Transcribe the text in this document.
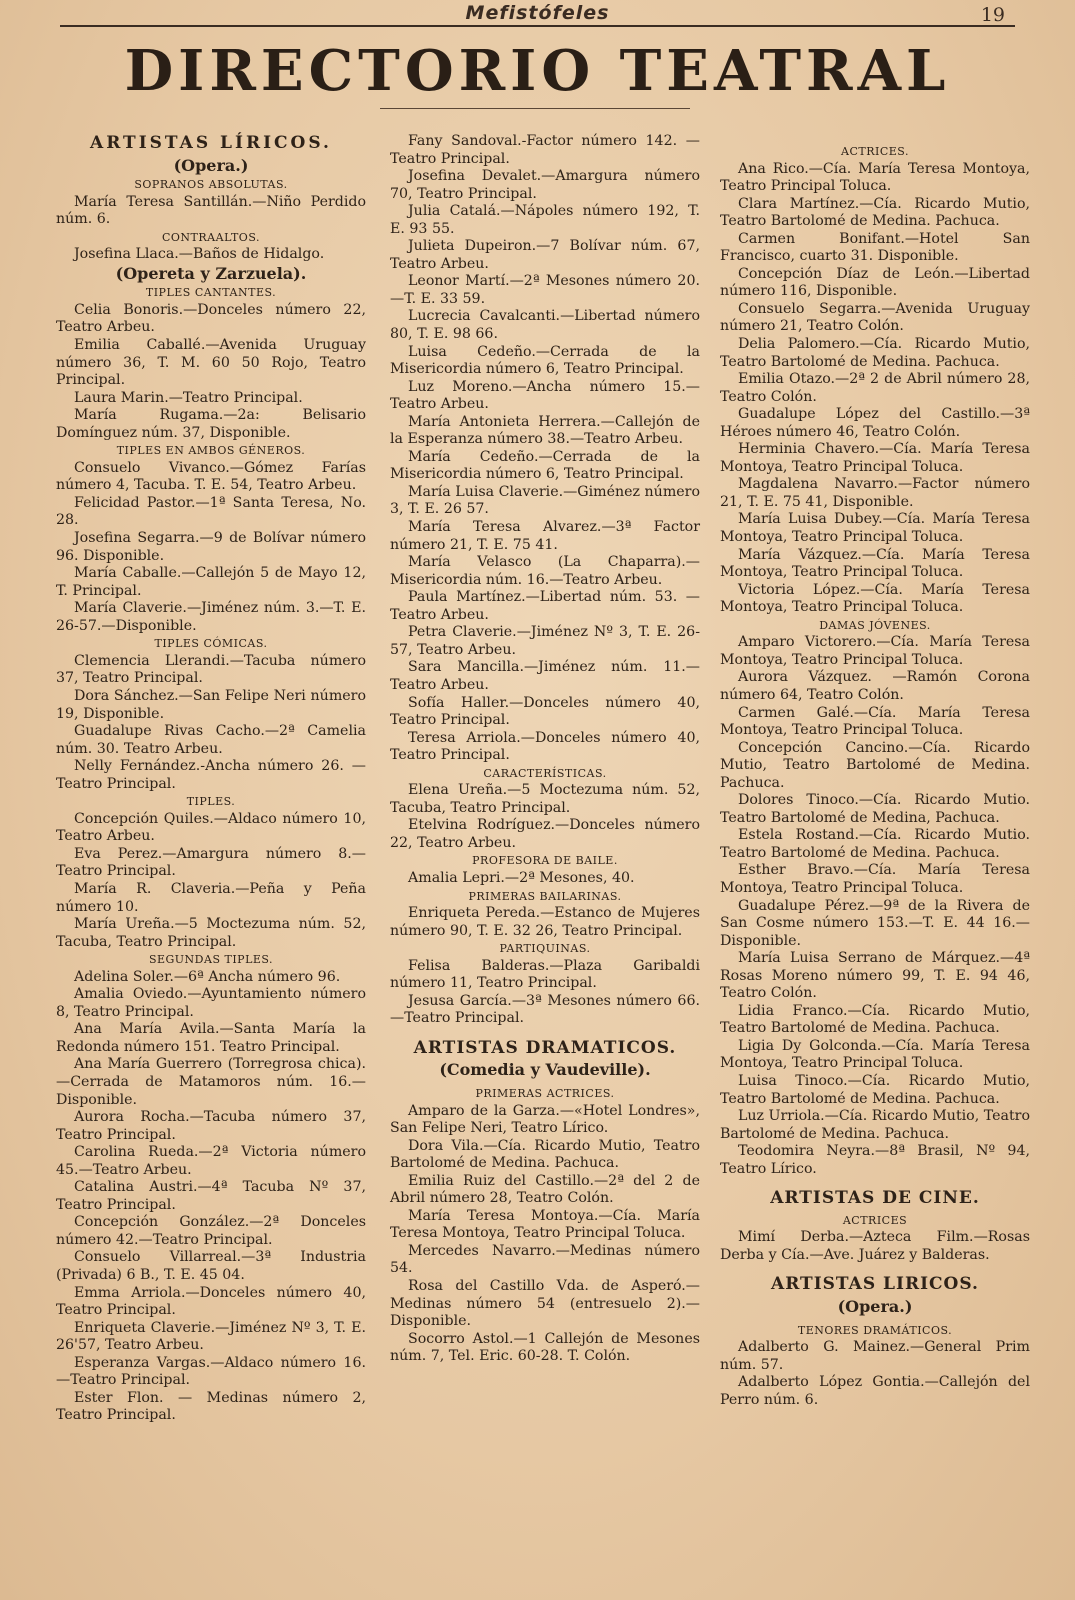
Mefistófeles	19
DIRECTORIO TEATRAL

ARTISTAS LÍRICOS.

(Opera.)

SOPRANOS ABSOLUTAS.

María Teresa Santillán.—Niño Perdido núm. 6.

CONTRAALTOS.

Josefina Llaca.—Baños de Hidalgo.

(Opereta y Zarzuela).

TIPLES CANTANTES.

Celia Bonoris.—Donceles número 22, Teatro Arbeu.

Emilia Caballé.—Avenida Uruguay número 36, T. M. 60 50 Rojo, Teatro Principal.

Laura Marin.—Teatro Principal.

María Rugama.—2a: Belisario Domínguez núm. 37, Disponible.

TIPLES EN AMBOS GÉNEROS.

Consuelo Vivanco.—Gómez Farías número 4, Tacuba. T. E. 54, Teatro Arbeu.

Felicidad Pastor.—1ª Santa Teresa, No. 28.

Josefina Segarra.—9 de Bolívar número 96. Disponible.

María Caballe.—Callejón 5 de Mayo 12, T. Principal.

María Claverie.—Jiménez núm. 3.—T. E. 26-57.—Disponible.

TIPLES CÓMICAS.

Clemencia Llerandi.—Tacuba número 37, Teatro Principal.

Dora Sánchez.—San Felipe Neri número 19, Disponible.

Guadalupe Rivas Cacho.—2ª Camelia núm. 30. Teatro Arbeu.

Nelly Fernández.-Ancha número 26. —Teatro Principal.

TIPLES.

Concepción Quiles.—Aldaco número 10, Teatro Arbeu.

Eva Perez.—Amargura número 8.—Teatro Principal.

María R. Claveria.—Peña y Peña número 10.

María Ureña.—5 Moctezuma núm. 52, Tacuba, Teatro Principal.

SEGUNDAS TIPLES.

Adelina Soler.—6ª Ancha número 96.

Amalia Oviedo.—Ayuntamiento número 8, Teatro Principal.

Ana María Avila.—Santa María la Redonda número 151. Teatro Principal.

Ana María Guerrero (Torregrosa chica).—Cerrada de Matamoros núm. 16.—Disponible.

Aurora Rocha.—Tacuba número 37, Teatro Principal.

Carolina Rueda.—2ª Victoria número 45.—Teatro Arbeu.

Catalina Austri.—4ª Tacuba Nº 37, Teatro Principal.

Concepción González.—2ª Donceles número 42.—Teatro Principal.

Consuelo Villarreal.—3ª Industria (Privada) 6 B., T. E. 45 04.

Emma Arriola.—Donceles número 40, Teatro Principal.

Enriqueta Claverie.—Jiménez Nº 3, T. E. 26'57, Teatro Arbeu.

Esperanza Vargas.—Aldaco número 16.—Teatro Principal.

Ester Flon. — Medinas número 2, Teatro Principal.

Fany Sandoval.-Factor número 142. —Teatro Principal.

Josefina Devalet.—Amargura número 70, Teatro Principal.

Julia Catalá.—Nápoles número 192, T. E. 93 55.

Julieta Dupeiron.—7 Bolívar núm. 67, Teatro Arbeu.

Leonor Martí.—2ª Mesones número 20.—T. E. 33 59.

Lucrecia Cavalcanti.—Libertad número 80, T. E. 98 66.

Luisa Cedeño.—Cerrada de la Misericordia número 6, Teatro Principal.

Luz Moreno.—Ancha número 15.—Teatro Arbeu.

María Antonieta Herrera.—Callejón de la Esperanza número 38.—Teatro Arbeu.

María Cedeño.—Cerrada de la Misericordia número 6, Teatro Principal.

María Luisa Claverie.—Giménez número 3, T. E. 26 57.

María Teresa Alvarez.—3ª Factor número 21, T. E. 75 41.

María Velasco (La Chaparra).—Misericordia núm. 16.—Teatro Arbeu.

Paula Martínez.—Libertad núm. 53. —Teatro Arbeu.

Petra Claverie.—Jiménez Nº 3, T. E. 26-57, Teatro Arbeu.

Sara Mancilla.—Jiménez núm. 11.—Teatro Arbeu.

Sofía Haller.—Donceles número 40, Teatro Principal.

Teresa Arriola.—Donceles número 40, Teatro Principal.

CARACTERÍSTICAS.

Elena Ureña.—5 Moctezuma núm. 52, Tacuba, Teatro Principal.

Etelvina Rodríguez.—Donceles número 22, Teatro Arbeu.

PROFESORA DE BAILE.

Amalia Lepri.—2ª Mesones, 40.

PRIMERAS BAILARINAS.

Enriqueta Pereda.—Estanco de Mujeres número 90, T. E. 32 26, Teatro Principal.

PARTIQUINAS.

Felisa Balderas.—Plaza Garibaldi número 11, Teatro Principal.

Jesusa García.—3ª Mesones número 66.—Teatro Principal.

ARTISTAS DRAMATICOS.

(Comedia y Vaudeville).

PRIMERAS ACTRICES.

Amparo de la Garza.—«Hotel Londres», San Felipe Neri, Teatro Lírico.

Dora Vila.—Cía. Ricardo Mutio, Teatro Bartolomé de Medina. Pachuca.

Emilia Ruiz del Castillo.—2ª del 2 de Abril número 28, Teatro Colón.

María Teresa Montoya.—Cía. María Teresa Montoya, Teatro Principal Toluca.

Mercedes Navarro.—Medinas número 54.

Rosa del Castillo Vda. de Asperó.—Medinas número 54 (entresuelo 2).—Disponible.

Socorro Astol.—1 Callejón de Mesones núm. 7, Tel. Eric. 60-28. T. Colón.

ACTRICES.

Ana Rico.—Cía. María Teresa Montoya, Teatro Principal Toluca.

Clara Martínez.—Cía. Ricardo Mutio, Teatro Bartolomé de Medina. Pachuca.

Carmen Bonifant.—Hotel San Francisco, cuarto 31. Disponible.

Concepción Díaz de León.—Libertad número 116, Disponible.

Consuelo Segarra.—Avenida Uruguay número 21, Teatro Colón.

Delia Palomero.—Cía. Ricardo Mutio, Teatro Bartolomé de Medina. Pachuca.

Emilia Otazo.—2ª 2 de Abril número 28, Teatro Colón.

Guadalupe López del Castillo.—3ª Héroes número 46, Teatro Colón.

Herminia Chavero.—Cía. María Teresa Montoya, Teatro Principal Toluca.

Magdalena Navarro.—Factor número 21, T. E. 75 41, Disponible.

María Luisa Dubey.—Cía. María Teresa Montoya, Teatro Principal Toluca.

María Vázquez.—Cía. María Teresa Montoya, Teatro Principal Toluca.

Victoria López.—Cía. María Teresa Montoya, Teatro Principal Toluca.

DAMAS JÓVENES.

Amparo Victorero.—Cía. María Teresa Montoya, Teatro Principal Toluca.

Aurora Vázquez. —Ramón Corona número 64, Teatro Colón.

Carmen Galé.—Cía. María Teresa Montoya, Teatro Principal Toluca.

Concepción Cancino.—Cía. Ricardo Mutio, Teatro Bartolomé de Medina. Pachuca.

Dolores Tinoco.—Cía. Ricardo Mutio. Teatro Bartolomé de Medina, Pachuca.

Estela Rostand.—Cía. Ricardo Mutio. Teatro Bartolomé de Medina. Pachuca.

Esther Bravo.—Cía. María Teresa Montoya, Teatro Principal Toluca.

Guadalupe Pérez.—9ª de la Rivera de San Cosme número 153.—T. E. 44 16.—Disponible.

María Luisa Serrano de Márquez.—4ª Rosas Moreno número 99, T. E. 94 46, Teatro Colón.

Lidia Franco.—Cía. Ricardo Mutio, Teatro Bartolomé de Medina. Pachuca.

Ligia Dy Golconda.—Cía. María Teresa Montoya, Teatro Principal Toluca.

Luisa Tinoco.—Cía. Ricardo Mutio, Teatro Bartolomé de Medina. Pachuca.

Luz Urriola.—Cía. Ricardo Mutio, Teatro Bartolomé de Medina. Pachuca.

Teodomira Neyra.—8ª Brasil, Nº 94, Teatro Lírico.

ARTISTAS DE CINE.

ACTRICES

Mimí Derba.—Azteca Film.—Rosas Derba y Cía.—Ave. Juárez y Balderas.

ARTISTAS LIRICOS.

(Opera.)

TENORES DRAMÁTICOS.

Adalberto G. Mainez.—General Prim núm. 57.

Adalberto López Gontia.—Callejón del Perro núm. 6.
